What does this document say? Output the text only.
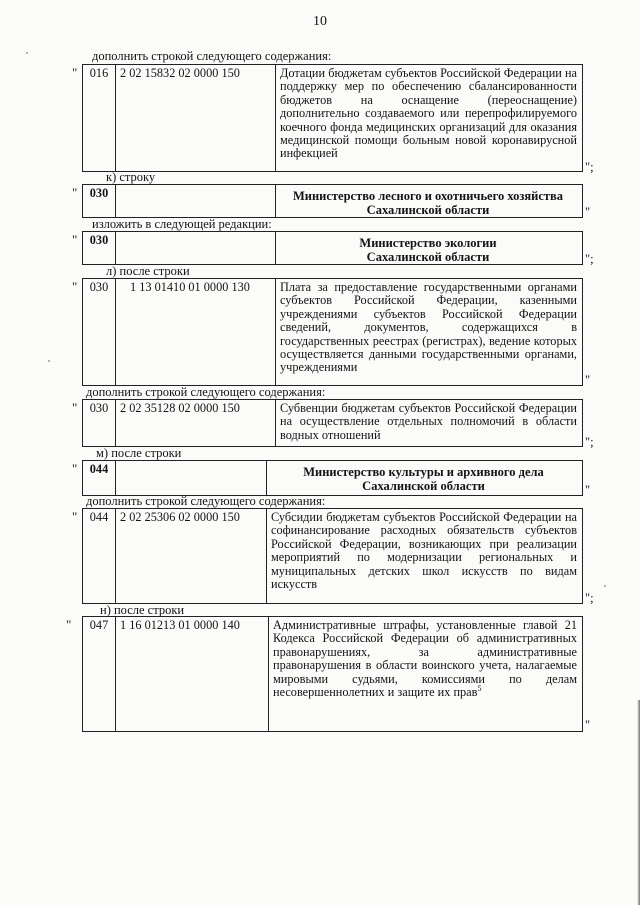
10
дополнить строкой следующего содержания:
"	016 2 02 15832 02 0000 150	Дотации бюджетам субъектов Российской Федерации на поддержку мер по обеспечению сбалансированности бюджетов на оснащение (переоснащение) дополнительно создаваемого или перепрофилируемого коечного фонда медицинских организаций для оказания медицинской помощи больным новой коронавирусной инфекцией
";
к) строку
"	030	Министерство лесного и охотничьего хозяйства
Сахалинской области	"
изложить в следующей редакции:
"	030	Министерство экологии
Сахалинской области	";
л) после строки
"	030	1 13 01410 01 0000 130	Плата за предоставление государственными органами субъектов Российской Федерации, казенными учреждениями субъектов Российской Федерации сведений, документов, содержащихся в государственных реестрах (регистрах), ведение которых осуществляется данными государственными органами, учреждениями
"
дополнить строкой следующего содержания:
"	030 2 02 35128 02 0000 150	Субвенции бюджетам субъектов Российской Федерации на осуществление отдельных полномочий в области водных отношений
";
м) после строки
"	044	Министерство культуры и архивного дела
Сахалинской области	"
дополнить строкой следующего содержания:
"	044 2 02 25306 02 0000 150	Субсидии бюджетам субъектов Российской Федерации на софинансирование расходных обязательств субъектов Российской Федерации, возникающих при реализации мероприятий по модернизации региональных и муниципальных детских школ искусств по видам искусств
";
н) после строки
"	047 1 16 01213 01 0000 140	Административные штрафы, установленные главой 21 Кодекса Российской Федерации об административных правонарушениях, за административные правонарушения в области воинского учета, налагаемые мировыми судьями, комиссиями по делам несовершеннолетних и защите их прав$^5$
"
